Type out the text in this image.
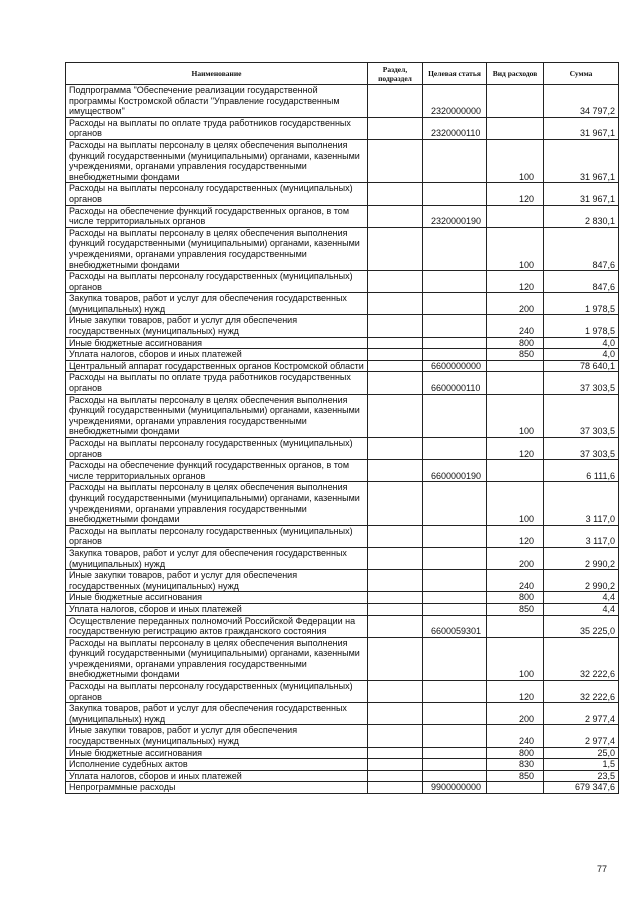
Наименование	Раздел, подраздел	Целевая статья	Вид расходов	Сумма
Подпрограмма "Обеспечение реализации государственной программы Костромской области "Управление государственным имуществом"		2320000000		34 797,2
Расходы на выплаты по оплате труда работников государственных органов		2320000110		31 967,1
Расходы на выплаты персоналу в целях обеспечения выполнения функций государственными (муниципальными) органами, казенными учреждениями, органами управления государственными внебюджетными фондами			100	31 967,1
Расходы на выплаты персоналу государственных (муниципальных) органов			120	31 967,1
Расходы на обеспечение функций государственных органов, в том числе территориальных органов		2320000190		2 830,1
Расходы на выплаты персоналу в целях обеспечения выполнения функций государственными (муниципальными) органами, казенными учреждениями, органами управления государственными внебюджетными фондами			100	847,6
Расходы на выплаты персоналу государственных (муниципальных) органов			120	847,6
Закупка товаров, работ и услуг для обеспечения государственных (муниципальных) нужд			200	1 978,5
Иные закупки товаров, работ и услуг для обеспечения государственных (муниципальных) нужд			240	1 978,5
Иные бюджетные ассигнования			800	4,0
Уплата налогов, сборов и иных платежей			850	4,0
Центральный аппарат государственных органов Костромской области		6600000000		78 640,1
Расходы на выплаты по оплате труда работников государственных органов		6600000110		37 303,5
Расходы на выплаты персоналу в целях обеспечения выполнения функций государственными (муниципальными) органами, казенными учреждениями, органами управления государственными внебюджетными фондами			100	37 303,5
Расходы на выплаты персоналу государственных (муниципальных) органов			120	37 303,5
Расходы на обеспечение функций государственных органов, в том числе территориальных органов		6600000190		6 111,6
Расходы на выплаты персоналу в целях обеспечения выполнения функций государственными (муниципальными) органами, казенными учреждениями, органами управления государственными внебюджетными фондами			100	3 117,0
Расходы на выплаты персоналу государственных (муниципальных) органов			120	3 117,0
Закупка товаров, работ и услуг для обеспечения государственных (муниципальных) нужд			200	2 990,2
Иные закупки товаров, работ и услуг для обеспечения государственных (муниципальных) нужд			240	2 990,2
Иные бюджетные ассигнования			800	4,4
Уплата налогов, сборов и иных платежей			850	4,4
Осуществление переданных полномочий Российской Федерации на государственную регистрацию актов гражданского состояния		6600059301		35 225,0
Расходы на выплаты персоналу в целях обеспечения выполнения функций государственными (муниципальными) органами, казенными учреждениями, органами управления государственными внебюджетными фондами			100	32 222,6
Расходы на выплаты персоналу государственных (муниципальных) органов			120	32 222,6
Закупка товаров, работ и услуг для обеспечения государственных (муниципальных) нужд			200	2 977,4
Иные закупки товаров, работ и услуг для обеспечения государственных (муниципальных) нужд			240	2 977,4
Иные бюджетные ассигнования			800	25,0
Исполнение судебных актов			830	1,5
Уплата налогов, сборов и иных платежей			850	23,5
Непрограммные расходы		9900000000		679 347,6
77
